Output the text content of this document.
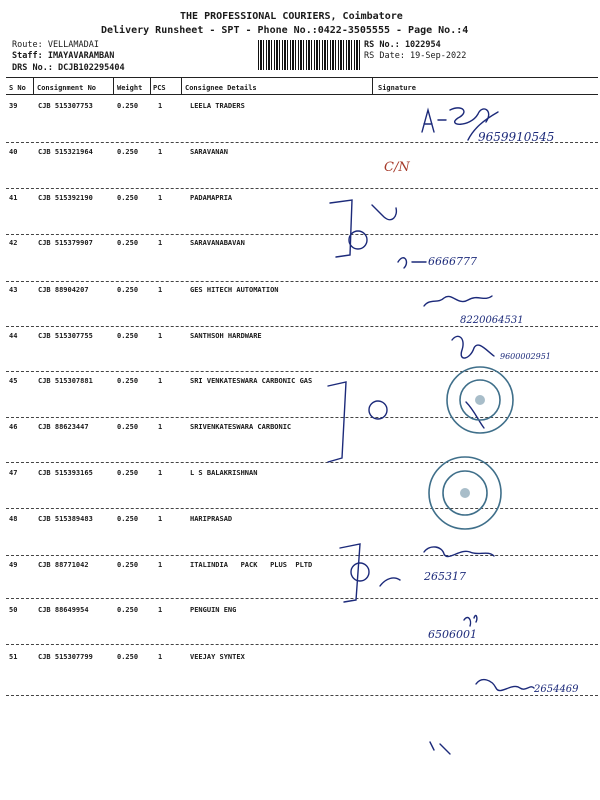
THE PROFESSIONAL COURIERS, Coimbatore
Delivery Runsheet - SPT - Phone No.:0422-3505555 - Page No.:4
Route: VELLAMADAI
Staff: IMAYAVARAMBAN
DRS No.: DCJB102295404
RS No.: 1022954
RS Date: 19-Sep-2022
S No Consignment No	Weight PCS	Consignee Details	Signature
39	CJB 515307753	0.250	1	LEELA TRADERS
40	CJB 515321964	0.250	1	SARAVANAN
41	CJB 515392190	0.250	1	PADAMAPRIA
42	CJB 515379907	0.250	1	SARAVANABAVAN
43	CJB 88904207	0.250	1	GES HITECH AUTOMATION
44	CJB 515307755	0.250	1	SANTHSOH HARDWARE
45	CJB 515307881	0.250	1	SRI VENKATESWARA CARBONIC GAS
46	CJB 88623447	0.250	1	SRIVENKATESWARA CARBONIC
47	CJB 515393165	0.250	1	L S BALAKRISHNAN
48	CJB 515389483	0.250	1	HARIPRASAD
49	CJB 88771042	0.250	1	ITALINDIA   PACK   PLUS  PLTD
50	CJB 88649954	0.250	1	PENGUIN ENG
51	CJB 515307799	0.250	1	VEEJAY SYNTEX
9659910545
C/N
6666777
8220064531
9600002951
265317
6506001
2654469
